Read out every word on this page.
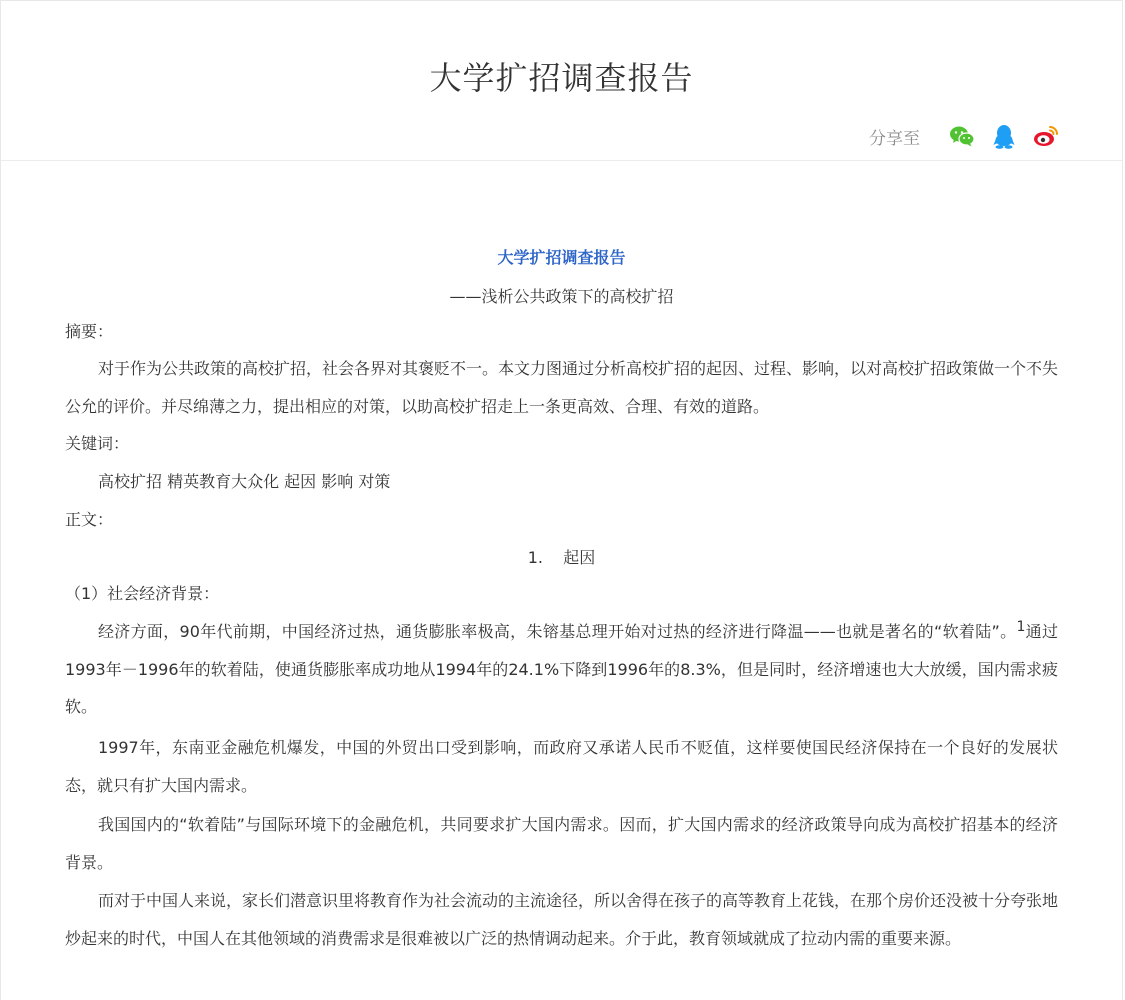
大学扩招调查报告
分享至
大学扩招调查报告
——浅析公共政策下的高校扩招
摘要：
对于作为公共政策的高校扩招，社会各界对其褒贬不一。本文力图通过分析高校扩招的起因、过程、影响，以对高校扩招政策做一个不失公允的评价。并尽绵薄之力，提出相应的对策，以助高校扩招走上一条更高效、合理、有效的道路。
关键词：
高校扩招 精英教育大众化 起因 影响 对策
正文：
1.    起因
（1）社会经济背景：
经济方面，90年代前期，中国经济过热，通货膨胀率极高，朱镕基总理开始对过热的经济进行降温——也就是著名的“软着陆”。$^1$通过1993年－1996年的软着陆，使通货膨胀率成功地从1994年的24.1%下降到1996年的8.3%，但是同时，经济增速也大大放缓，国内需求疲软。
1997年，东南亚金融危机爆发，中国的外贸出口受到影响，而政府又承诺人民币不贬值，这样要使国民经济保持在一个良好的发展状态，就只有扩大国内需求。
我国国内的“软着陆”与国际环境下的金融危机，共同要求扩大国内需求。因而，扩大国内需求的经济政策导向成为高校扩招基本的经济背景。
而对于中国人来说，家长们潜意识里将教育作为社会流动的主流途径，所以舍得在孩子的高等教育上花钱，在那个房价还没被十分夸张地炒起来的时代，中国人在其他领域的消费需求是很难被以广泛的热情调动起来。介于此，教育领域就成了拉动内需的重要来源。
